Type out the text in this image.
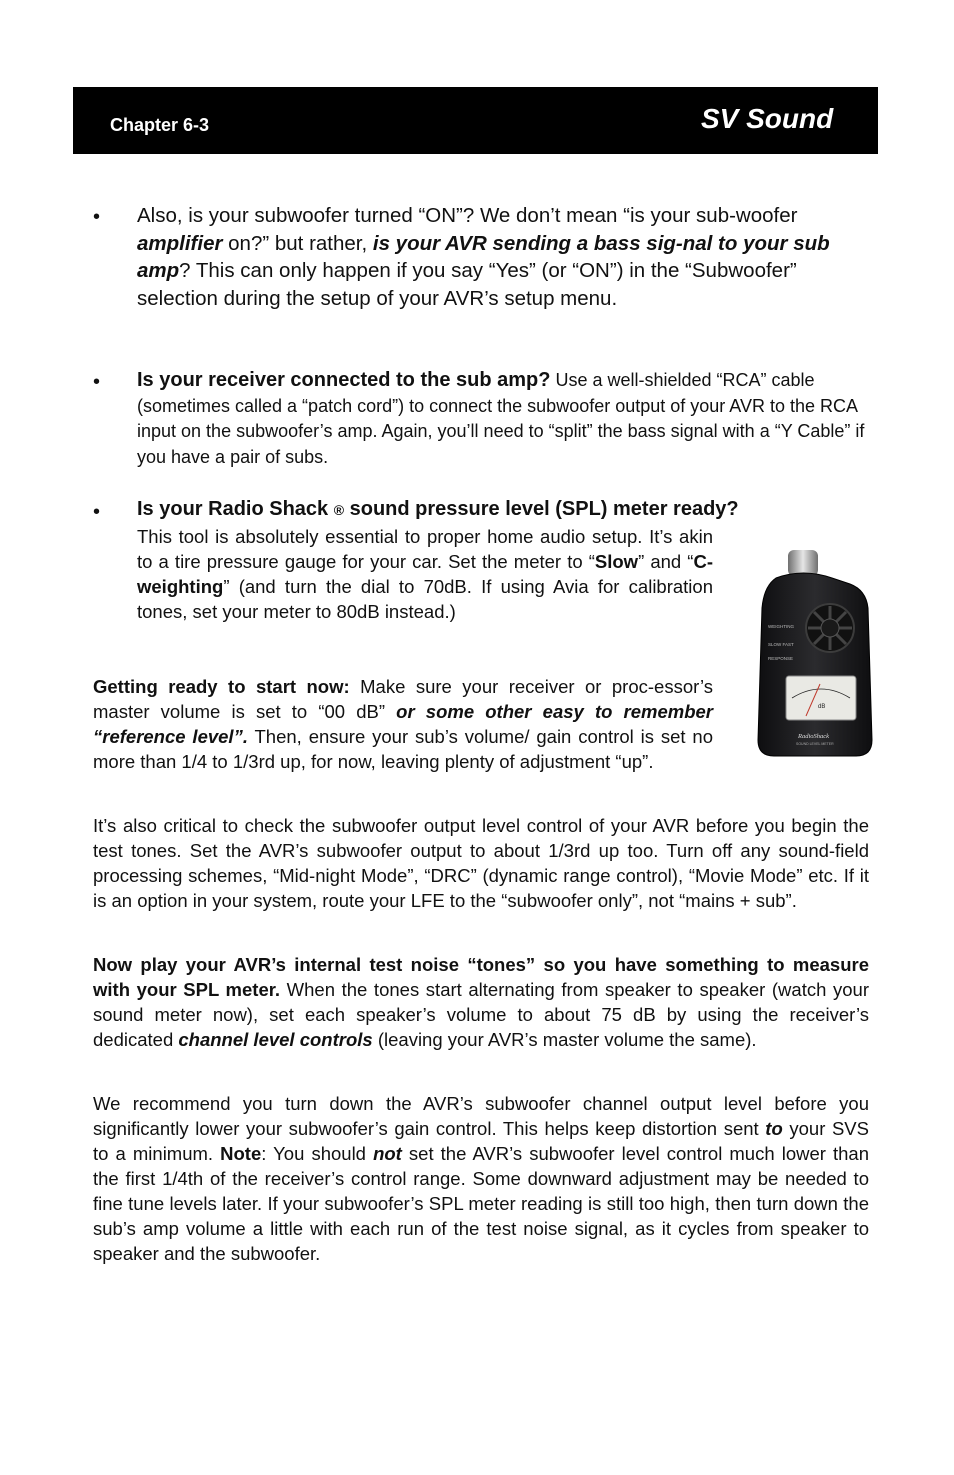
Chapter 6-3	SV Sound
• Also, is your subwoofer turned “ON”? We don’t mean “is your sub-woofer amplifier on?” but rather, is your AVR sending a bass sig-nal to your sub amp? This can only happen if you say “Yes” (or “ON”) in the “Subwoofer” selection during the setup of your AVR’s setup menu.
• Is your receiver connected to the sub amp? Use a well-shielded “RCA” cable (sometimes called a “patch cord”) to connect the subwoofer output of your AVR to the RCA input on the subwoofer’s amp. Again, you’ll need to “split” the bass signal with a “Y Cable” if you have a pair of subs.
• Is your Radio Shack ® sound pressure level (SPL) meter ready?
This tool is absolutely essential to proper home audio setup. It’s akin to a tire pressure gauge for your car. Set the meter to “Slow” and “C-weighting” (and turn the dial to 70dB. If using Avia for calibration tones, set your meter to 80dB instead.)
Getting ready to start now: Make sure your receiver or proc-essor’s master volume is set to “00 dB” or some other easy to remember “reference level”. Then, ensure your sub’s volume/ gain control is set no more than 1/4 to 1/3rd up, for now, leaving plenty of adjustment “up”.
It’s also critical to check the subwoofer output level control of your AVR before you begin the test tones. Set the AVR’s subwoofer output to about 1/3rd up too. Turn off any sound-field processing schemes, “Mid-night Mode”, “DRC” (dynamic range control), “Movie Mode” etc. If it is an option in your system, route your LFE to the “subwoofer only”, not “mains + sub”.
Now play your AVR’s internal test noise “tones” so you have something to measure with your SPL meter. When the tones start alternating from speaker to speaker (watch your sound meter now), set each speaker’s volume to about 75 dB by using the receiver’s dedicated channel level controls (leaving your AVR’s master volume the same).
We recommend you turn down the AVR’s subwoofer channel output level before you significantly lower your subwoofer’s gain control. This helps keep distortion sent to your SVS to a minimum. Note: You should not set the AVR’s subwoofer level control much lower than the first 1/4th of the receiver’s control range. Some downward adjustment may be needed to fine tune levels later. If your subwoofer’s SPL meter reading is still too high, then turn down the sub’s amp volume a little with each run of the test noise signal, as it cycles from speaker to speaker and the subwoofer.
WEIGHTING
SLOW FAST
RESPONSE
dB
RadioShack
SOUND LEVEL METER
